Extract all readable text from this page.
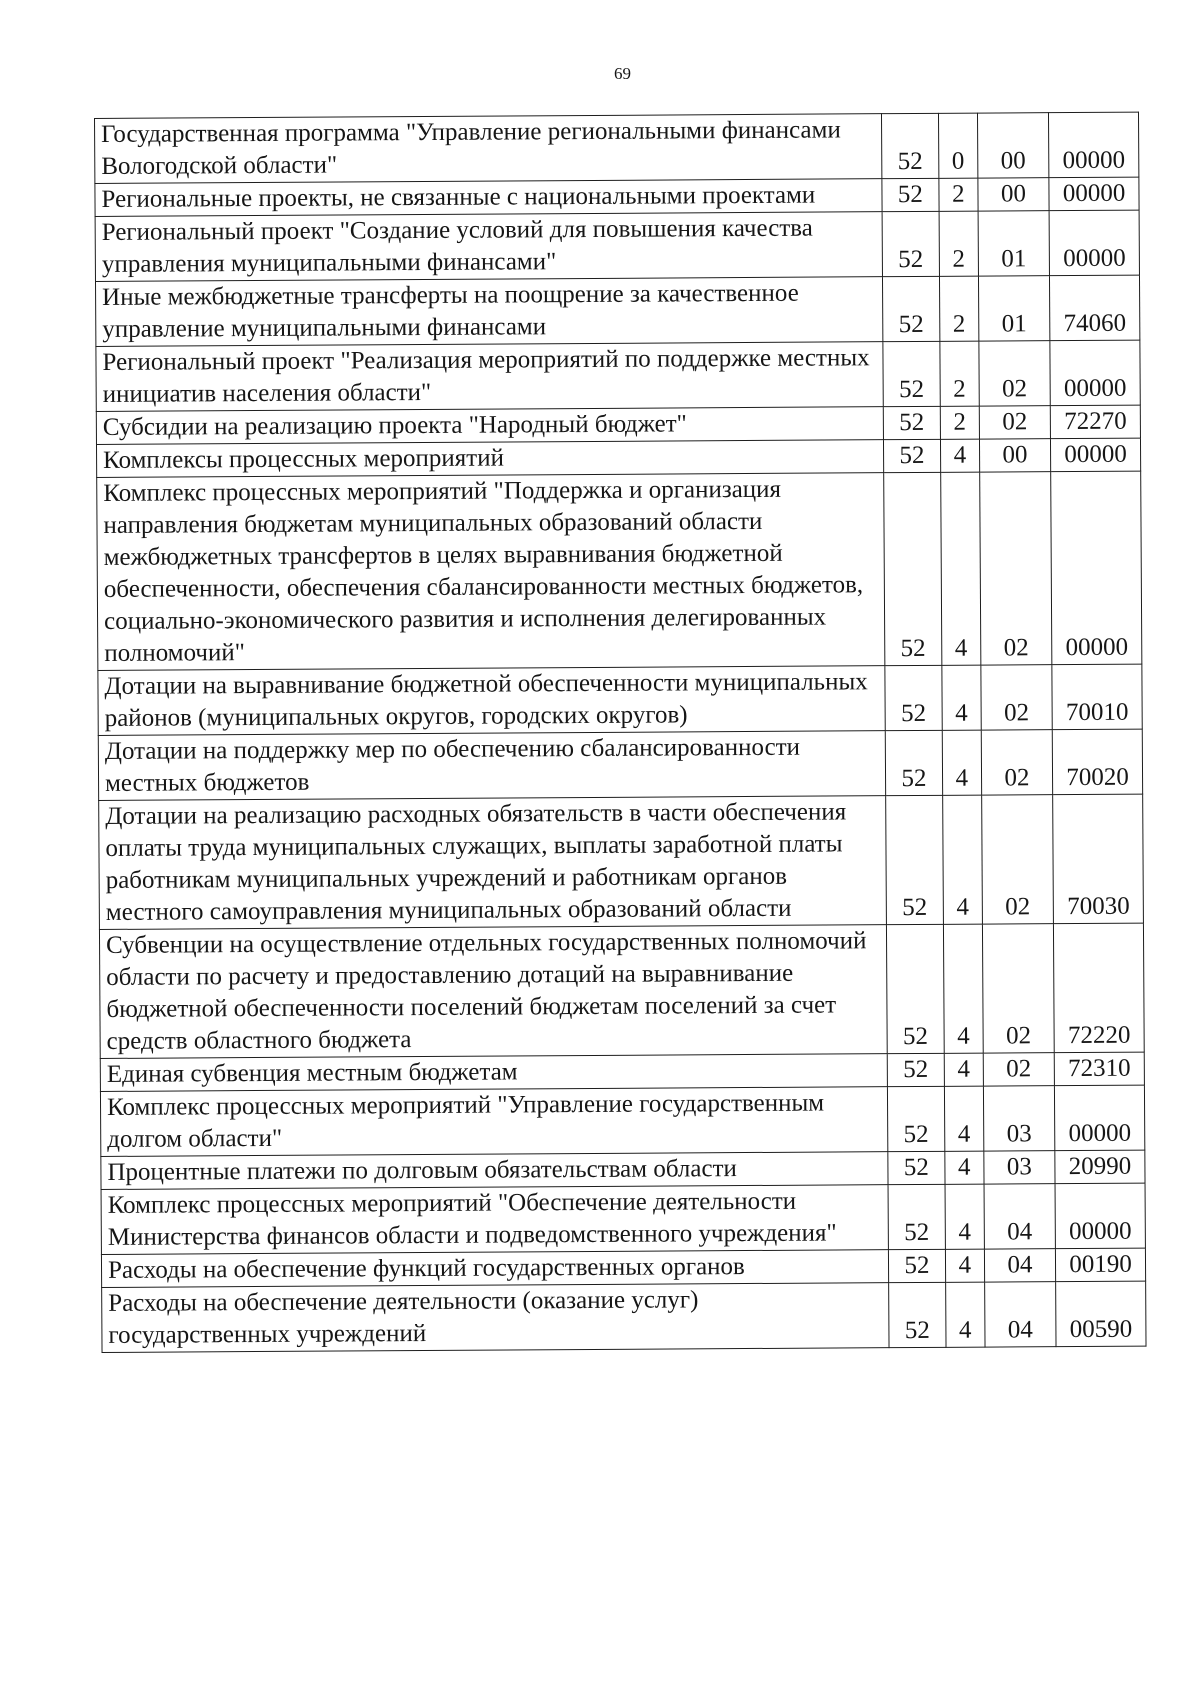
69
Государственная программа "Управление региональными финансами Вологодской области"	52	0	00	00000
Региональные проекты, не связанные с национальными проектами	52	2	00	00000
Региональный проект "Создание условий для повышения качества управления муниципальными финансами"	52	2	01	00000
Иные межбюджетные трансферты на поощрение за качественное управление муниципальными финансами	52	2	01	74060
Региональный проект "Реализация мероприятий по поддержке местных инициатив населения области"	52	2	02	00000
Субсидии на реализацию проекта "Народный бюджет"	52	2	02	72270
Комплексы процессных мероприятий	52	4	00	00000
Комплекс процессных мероприятий "Поддержка и организация направления бюджетам муниципальных образований области межбюджетных трансфертов в целях выравнивания бюджетной обеспеченности, обеспечения сбалансированности местных бюджетов, социально-экономического развития и исполнения делегированных полномочий"	52	4	02	00000
Дотации на выравнивание бюджетной обеспеченности муниципальных районов (муниципальных округов, городских округов)	52	4	02	70010
Дотации на поддержку мер по обеспечению сбалансированности местных бюджетов	52	4	02	70020
Дотации на реализацию расходных обязательств в части обеспечения оплаты труда муниципальных служащих, выплаты заработной платы работникам муниципальных учреждений и работникам органов местного самоуправления муниципальных образований области	52	4	02	70030
Субвенции на осуществление отдельных государственных полномочий области по расчету и предоставлению дотаций на выравнивание бюджетной обеспеченности поселений бюджетам поселений за счет средств областного бюджета	52	4	02	72220
Единая субвенция местным бюджетам	52	4	02	72310
Комплекс процессных мероприятий "Управление государственным долгом области"	52	4	03	00000
Процентные платежи по долговым обязательствам области	52	4	03	20990
Комплекс процессных мероприятий "Обеспечение деятельности Министерства финансов области и подведомственного учреждения"	52	4	04	00000
Расходы на обеспечение функций государственных органов	52	4	04	00190
Расходы на обеспечение деятельности (оказание услуг) государственных учреждений	52	4	04	00590
